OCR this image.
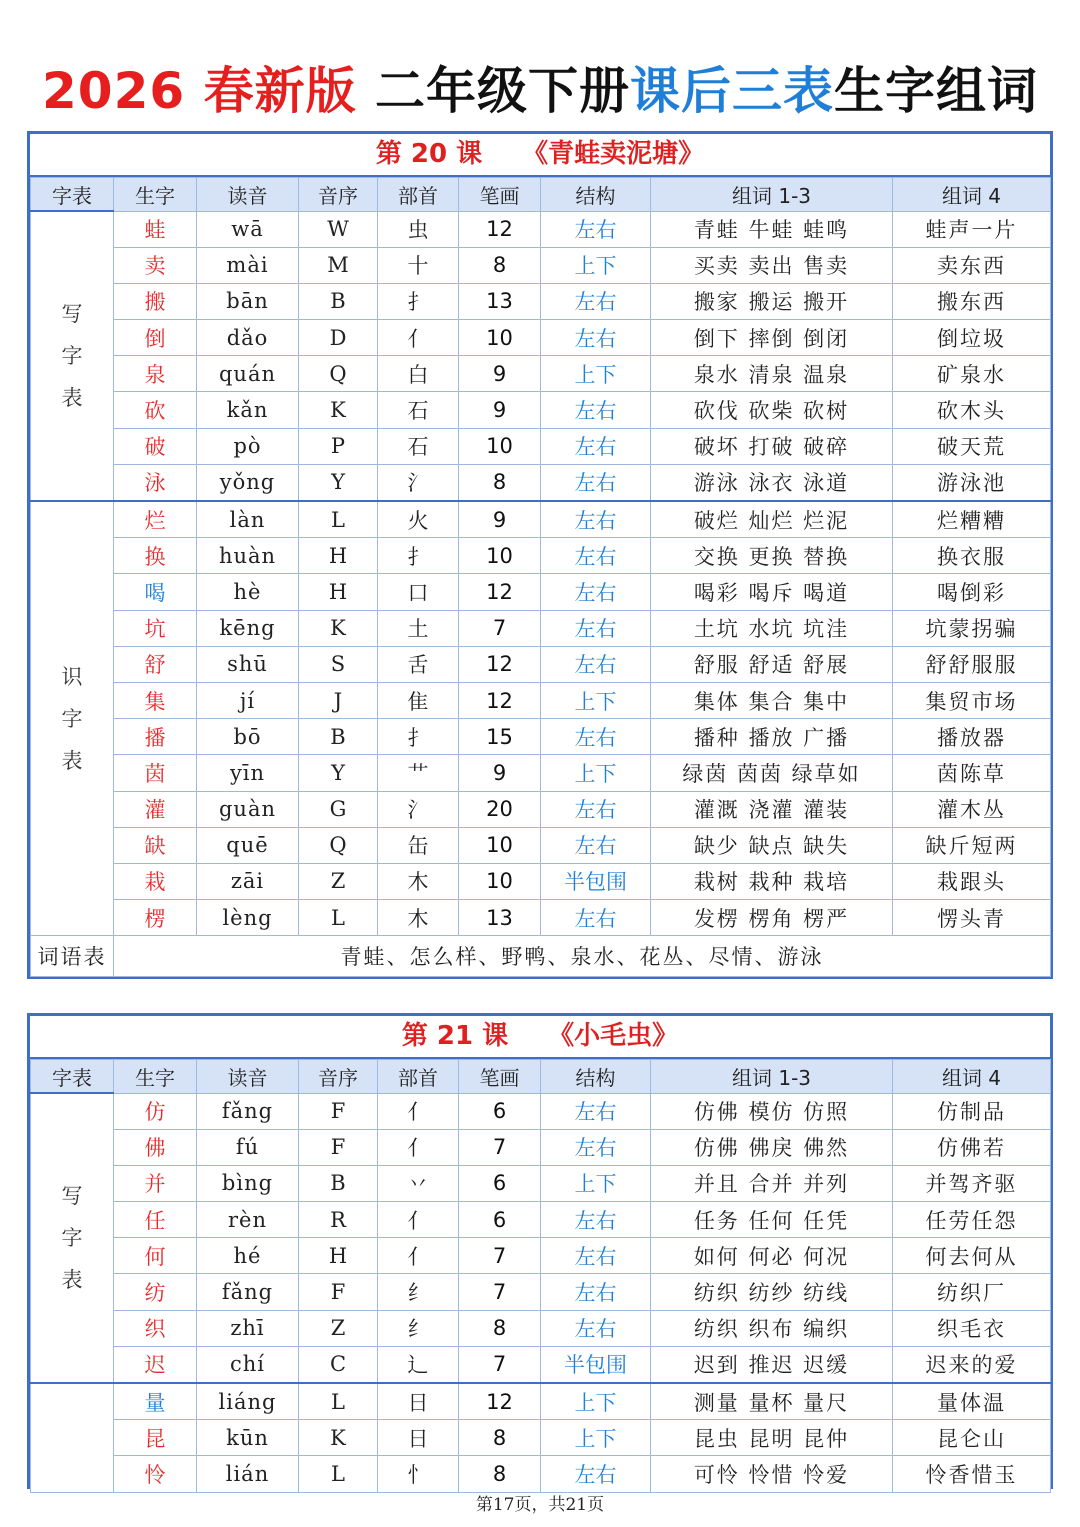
2026 春新版 二年级下册课后三表生字组词
第 20 课 《青蛙卖泥塘》
字表	生字	读音	音序	部首	笔画	结构	组词 1-3	组词 4

写
字
表	蛙	wā	W	虫	12	左右	青蛙 牛蛙 蛙鸣	蛙声一片
	卖	mài	M	十	8	上下	买卖 卖出 售卖	卖东西
	搬	bān	B	扌	13	左右	搬家 搬运 搬开	搬东西
	倒	dǎo	D	亻	10	左右	倒下 摔倒 倒闭	倒垃圾
	泉	quán	Q	白	9	上下	泉水 清泉 温泉	矿泉水
	砍	kǎn	K	石	9	左右	砍伐 砍柴 砍树	砍木头
	破	pò	P	石	10	左右	破坏 打破 破碎	破天荒
	泳	yǒng	Y	氵	8	左右	游泳 泳衣 泳道	游泳池

识
字
表	烂	làn	L	火	9	左右	破烂 灿烂 烂泥	烂糟糟
	换	huàn	H	扌	10	左右	交换 更换 替换	换衣服
	喝	hè	H	口	12	左右	喝彩 喝斥 喝道	喝倒彩
	坑	kēng	K	土	7	左右	土坑 水坑 坑洼	坑蒙拐骗
	舒	shū	S	舌	12	左右	舒服 舒适 舒展	舒舒服服
	集	jí	J	隹	12	上下	集体 集合 集中	集贸市场
	播	bō	B	扌	15	左右	播种 播放 广播	播放器
	茵	yīn	Y	艹	9	上下	绿茵 茵茵 绿草如	茵陈草
	灌	guàn	G	氵	20	左右	灌溉 浇灌 灌装	灌木丛
	缺	quē	Q	缶	10	左右	缺少 缺点 缺失	缺斤短两
	栽	zāi	Z	木	10	半包围	栽树 栽种 栽培	栽跟头
	楞	lèng	L	木	13	左右	发楞 楞角 楞严	愣头青
词语表	青蛙、怎么样、野鸭、泉水、花丛、尽情、游泳							
第 21 课 《小毛虫》
字表	生字	读音	音序	部首	笔画	结构	组词 1-3	组词 4

写
字
表	仿	fǎng	F	亻	6	左右	仿佛 模仿 仿照	仿制品
	佛	fú	F	亻	7	左右	仿佛 佛戾 佛然	仿佛若
	并	bìng	B	丷	6	上下	并且 合并 并列	并驾齐驱
	任	rèn	R	亻	6	左右	任务 任何 任凭	任劳任怨
	何	hé	H	亻	7	左右	如何 何必 何况	何去何从
	纺	fǎng	F	纟	7	左右	纺织 纺纱 纺线	纺织厂
	织	zhī	Z	纟	8	左右	纺织 织布 编织	织毛衣
	迟	chí	C	辶	7	半包围	迟到 推迟 迟缓	迟来的爱
	量	liáng	L	日	12	上下	测量 量杯 量尺	量体温
	昆	kūn	K	日	8	上下	昆虫 昆明 昆仲	昆仑山
	怜	lián	L	忄	8	左右	可怜 怜惜 怜爱	怜香惜玉
第17页，共21页
